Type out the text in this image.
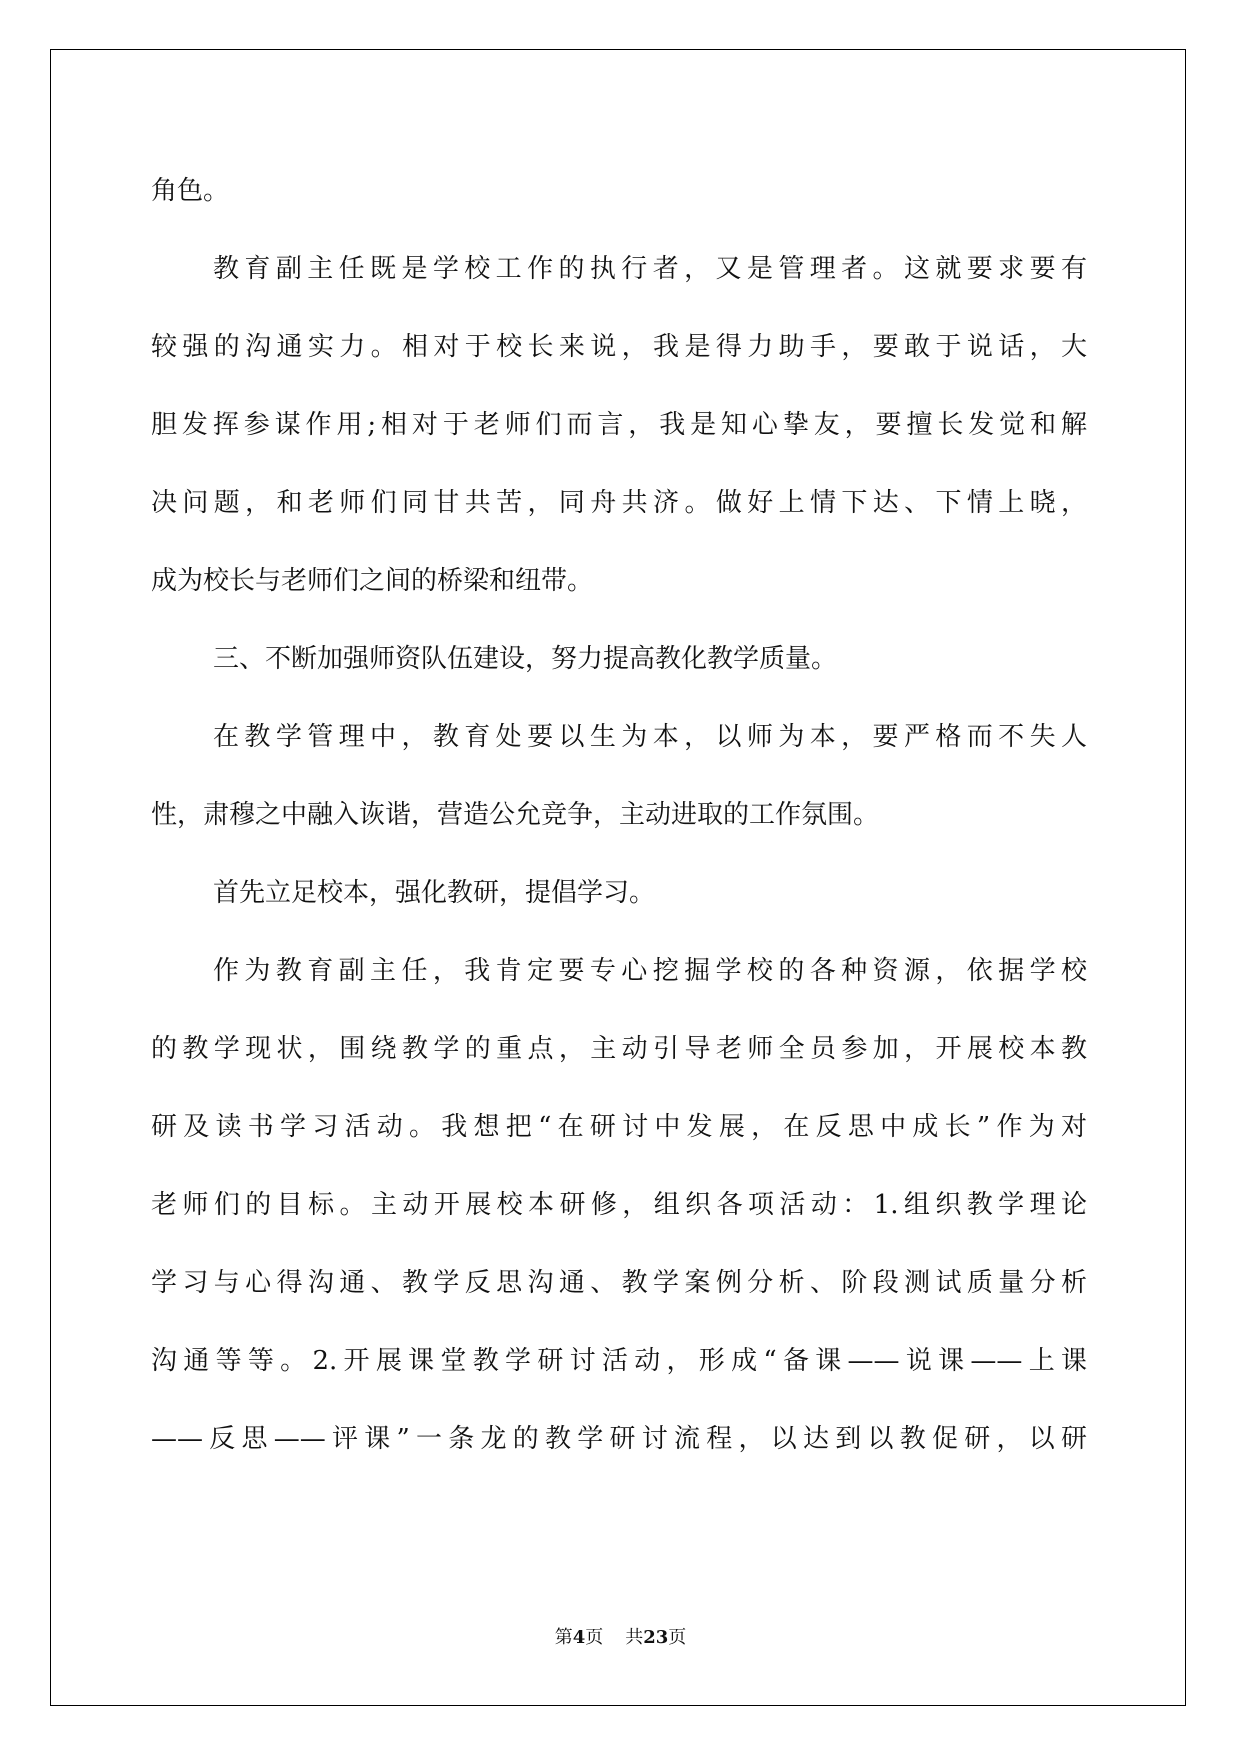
角色。
教育副主任既是学校工作的执行者，又是管理者。这就要求要有
较强的沟通实力。相对于校长来说，我是得力助手，要敢于说话，大
胆发挥参谋作用;相对于老师们而言，我是知心挚友，要擅长发觉和解
决问题，和老师们同甘共苦，同舟共济。做好上情下达、下情上晓，
成为校长与老师们之间的桥梁和纽带。
三、不断加强师资队伍建设，努力提高教化教学质量。
在教学管理中，教育处要以生为本，以师为本，要严格而不失人
性，肃穆之中融入诙谐，营造公允竞争，主动进取的工作氛围。
首先立足校本，强化教研，提倡学习。
作为教育副主任，我肯定要专心挖掘学校的各种资源，依据学校
的教学现状，围绕教学的重点，主动引导老师全员参加，开展校本教
研及读书学习活动。我想把“在研讨中发展，在反思中成长”作为对
老师们的目标。主动开展校本研修，组织各项活动：1.组织教学理论
学习与心得沟通、教学反思沟通、教学案例分析、阶段测试质量分析
沟通等等。2.开展课堂教学研讨活动，形成“备课——说课——上课
——反思——评课”一条龙的教学研讨流程，以达到以教促研，以研
第4页 共23页
